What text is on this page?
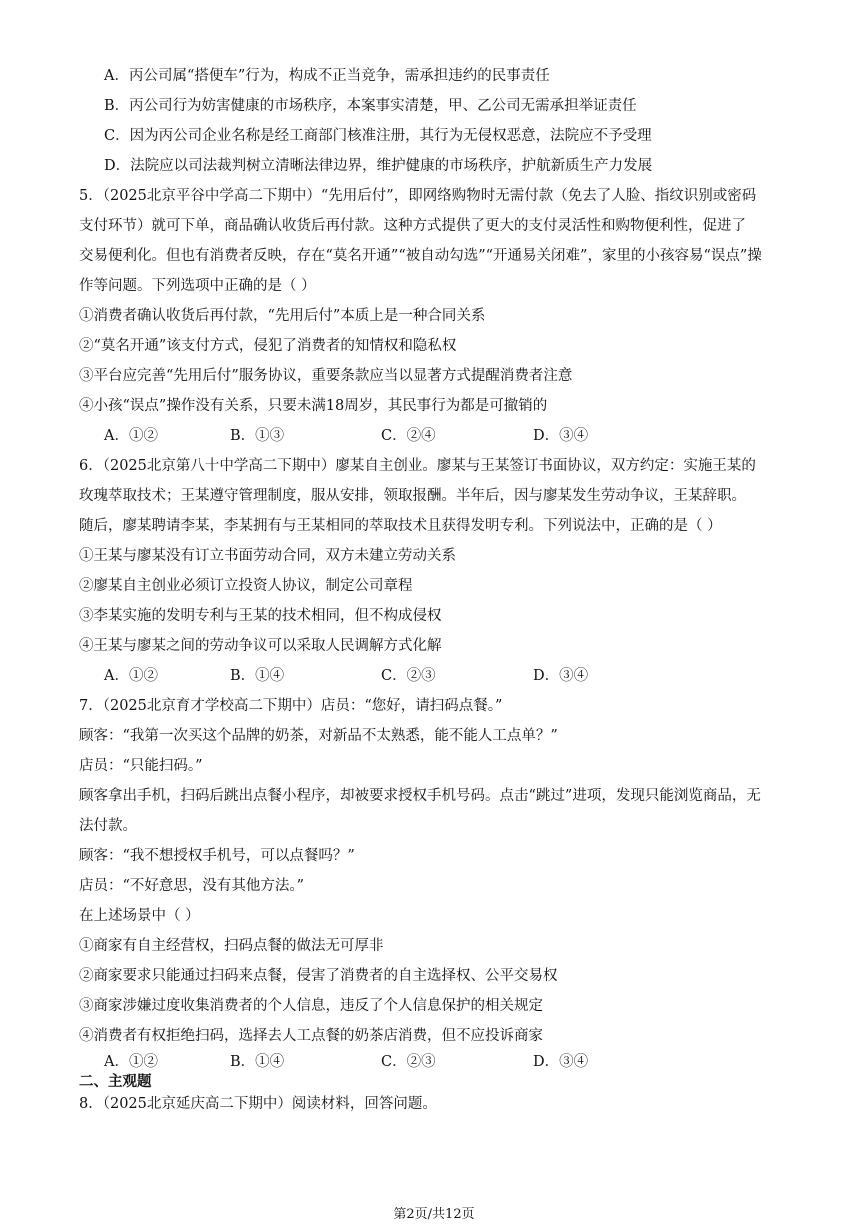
A．丙公司属“搭便车”行为，构成不正当竞争，需承担违约的民事责任
B．丙公司行为妨害健康的市场秩序，本案事实清楚，甲、乙公司无需承担举证责任
C．因为丙公司企业名称是经工商部门核准注册，其行为无侵权恶意，法院应不予受理
D．法院应以司法裁判树立清晰法律边界，维护健康的市场秩序，护航新质生产力发展
5．（2025北京平谷中学高二下期中）“先用后付”，即网络购物时无需付款（免去了人脸、指纹识别或密码
支付环节）就可下单，商品确认收货后再付款。这种方式提供了更大的支付灵活性和购物便利性，促进了
交易便利化。但也有消费者反映，存在“莫名开通”“被自动勾选”“开通易关闭难”，家里的小孩容易“误点”操
作等问题。下列选项中正确的是（ ）
①消费者确认收货后再付款，“先用后付”本质上是一种合同关系
②“莫名开通”该支付方式，侵犯了消费者的知情权和隐私权
③平台应完善“先用后付”服务协议，重要条款应当以显著方式提醒消费者注意
④小孩“误点”操作没有关系，只要未满18周岁，其民事行为都是可撤销的
A．①②	B．①③	C．②④	D．③④
6．（2025北京第八十中学高二下期中）廖某自主创业。廖某与王某签订书面协议，双方约定：实施王某的
玫瑰萃取技术；王某遵守管理制度，服从安排，领取报酬。半年后，因与廖某发生劳动争议，王某辞职。
随后，廖某聘请李某，李某拥有与王某相同的萃取技术且获得发明专利。下列说法中，正确的是（ ）
①王某与廖某没有订立书面劳动合同，双方未建立劳动关系
②廖某自主创业必须订立投资人协议，制定公司章程
③李某实施的发明专利与王某的技术相同，但不构成侵权
④王某与廖某之间的劳动争议可以采取人民调解方式化解
A．①②	B．①④	C．②③	D．③④
7．（2025北京育才学校高二下期中）店员：“您好，请扫码点餐。”
顾客：“我第一次买这个品牌的奶茶，对新品不太熟悉，能不能人工点单？”
店员：“只能扫码。”
顾客拿出手机，扫码后跳出点餐小程序，却被要求授权手机号码。点击“跳过”进项，发现只能浏览商品，无
法付款。
顾客：“我不想授权手机号，可以点餐吗？”
店员：“不好意思，没有其他方法。”
在上述场景中（ ）
①商家有自主经营权，扫码点餐的做法无可厚非
②商家要求只能通过扫码来点餐，侵害了消费者的自主选择权、公平交易权
③商家涉嫌过度收集消费者的个人信息，违反了个人信息保护的相关规定
④消费者有权拒绝扫码，选择去人工点餐的奶茶店消费，但不应投诉商家
A．①②	B．①④	C．②③	D．③④
二、主观题
8．（2025北京延庆高二下期中）阅读材料，回答问题。
第2页/共12页
